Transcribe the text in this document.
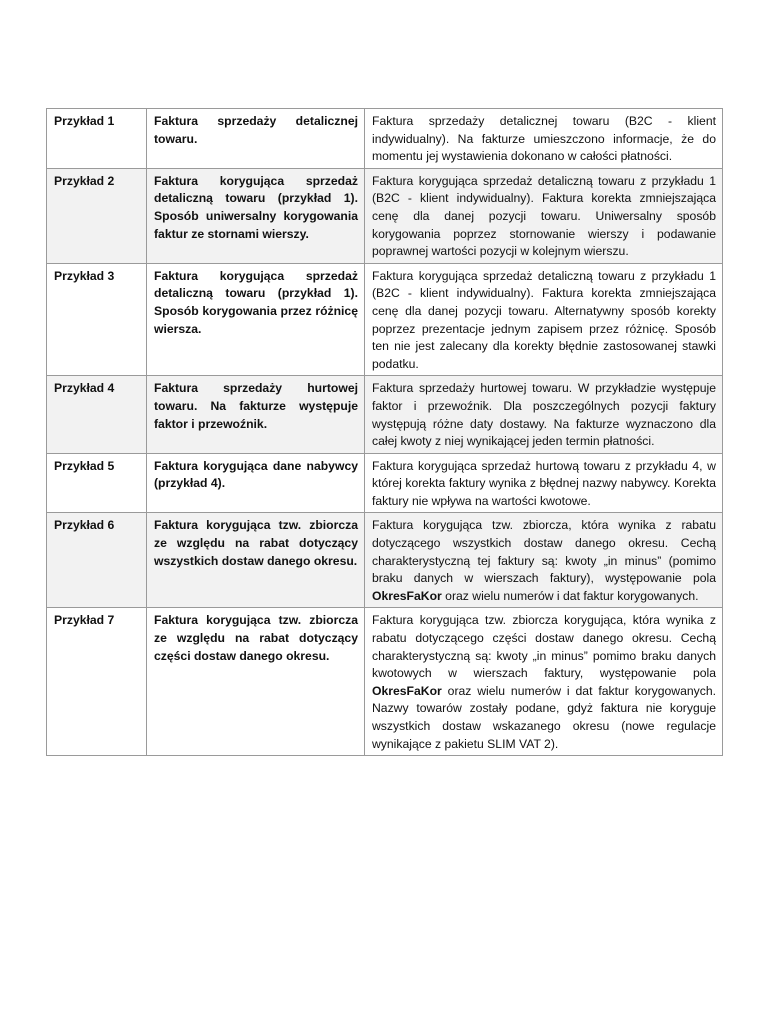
Przykład 1	Faktura sprzedaży detalicznej towaru.	Faktura sprzedaży detalicznej towaru (B2C - klient indywidualny). Na fakturze umieszczono informacje, że do momentu jej wystawienia dokonano w całości płatności.
Przykład 2	Faktura korygująca sprzedaż detaliczną towaru (przykład 1). Sposób uniwersalny korygowania faktur ze stornami wierszy.	Faktura korygująca sprzedaż detaliczną towaru z przykładu 1 (B2C - klient indywidualny). Faktura korekta zmniejszająca cenę dla danej pozycji towaru. Uniwersalny sposób korygowania poprzez stornowanie wierszy i podawanie poprawnej wartości pozycji w kolejnym wierszu.
Przykład 3	Faktura korygująca sprzedaż detaliczną towaru (przykład 1). Sposób korygowania przez różnicę wiersza.	Faktura korygująca sprzedaż detaliczną towaru z przykładu 1 (B2C - klient indywidualny). Faktura korekta zmniejszająca cenę dla danej pozycji towaru. Alternatywny sposób korekty poprzez prezentacje jednym zapisem przez różnicę. Sposób ten nie jest zalecany dla korekty błędnie zastosowanej stawki podatku.
Przykład 4	Faktura sprzedaży hurtowej towaru. Na fakturze występuje faktor i przewoźnik.	Faktura sprzedaży hurtowej towaru. W przykładzie występuje faktor i przewoźnik. Dla poszczególnych pozycji faktury występują różne daty dostawy. Na fakturze wyznaczono dla całej kwoty z niej wynikającej jeden termin płatności.
Przykład 5	Faktura korygująca dane nabywcy (przykład 4).	Faktura korygująca sprzedaż hurtową towaru z przykładu 4, w której korekta faktury wynika z błędnej nazwy nabywcy. Korekta faktury nie wpływa na wartości kwotowe.
Przykład 6	Faktura korygująca tzw. zbiorcza ze względu na rabat dotyczący wszystkich dostaw danego okresu.	Faktura korygująca tzw. zbiorcza, która wynika z rabatu dotyczącego wszystkich dostaw danego okresu. Cechą charakterystyczną tej faktury są: kwoty „in minus” (pomimo braku danych w wierszach faktury), występowanie pola OkresFaKor oraz wielu numerów i dat faktur korygowanych.
Przykład 7	Faktura korygująca tzw. zbiorcza ze względu na rabat dotyczący części dostaw danego okresu.	Faktura korygująca tzw. zbiorcza korygująca, która wynika z rabatu dotyczącego części dostaw danego okresu. Cechą charakterystyczną są: kwoty „in minus” pomimo braku danych kwotowych w wierszach faktury, występowanie pola OkresFaKor oraz wielu numerów i dat faktur korygowanych. Nazwy towarów zostały podane, gdyż faktura nie koryguje wszystkich dostaw wskazanego okresu (nowe regulacje wynikające z pakietu SLIM VAT 2).
